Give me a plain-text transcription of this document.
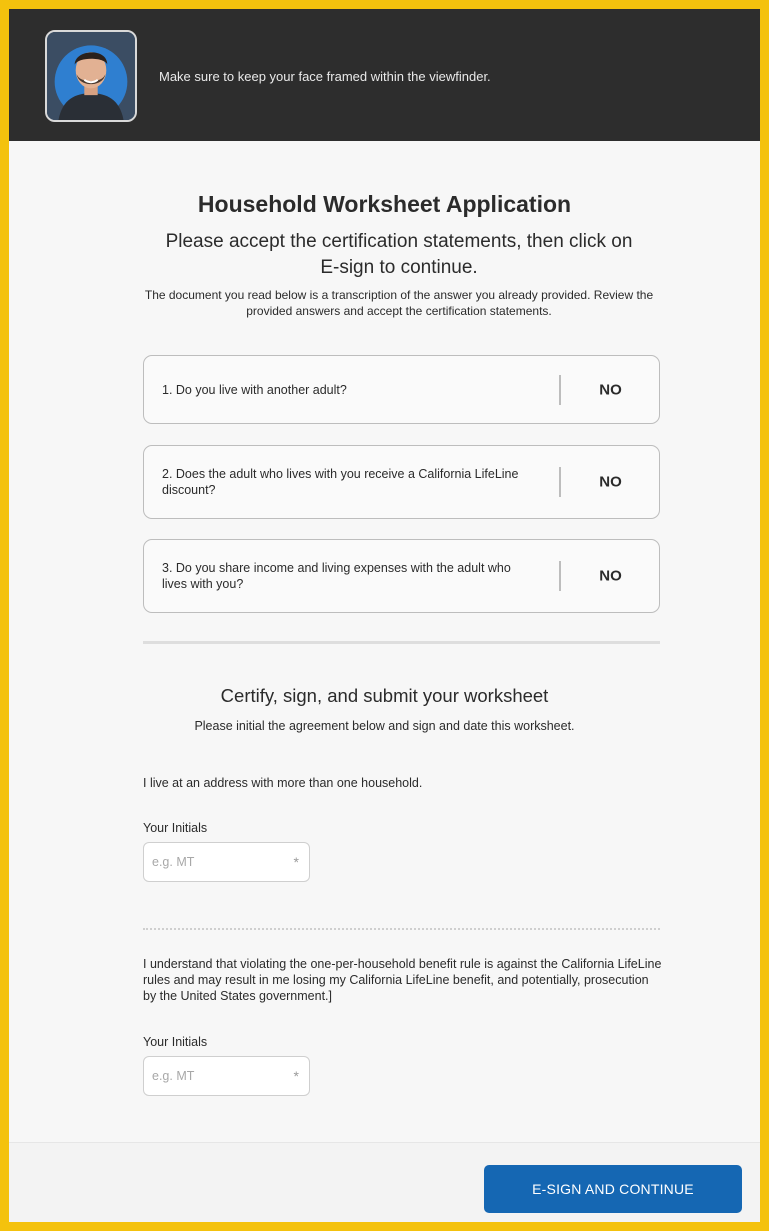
Make sure to keep your face framed within the viewfinder.
Household Worksheet Application
Please accept the certification statements, then click on E-sign to continue.
The document you read below is a transcription of the answer you already provided. Review the provided answers and accept the certification statements.
1. Do you live with another adult?	NO
2. Does the adult who lives with you receive a California LifeLine discount?	NO
3. Do you share income and living expenses with the adult who lives with you?	NO
Certify, sign, and submit your worksheet
Please initial the agreement below and sign and date this worksheet.
I live at an address with more than one household.
Your Initials
e.g. MT
*
I understand that violating the one-per-household benefit rule is against the California LifeLine rules and may result in me losing my California LifeLine benefit, and potentially, prosecution by the United States government.]
Your Initials
e.g. MT
*
E-SIGN AND CONTINUE
